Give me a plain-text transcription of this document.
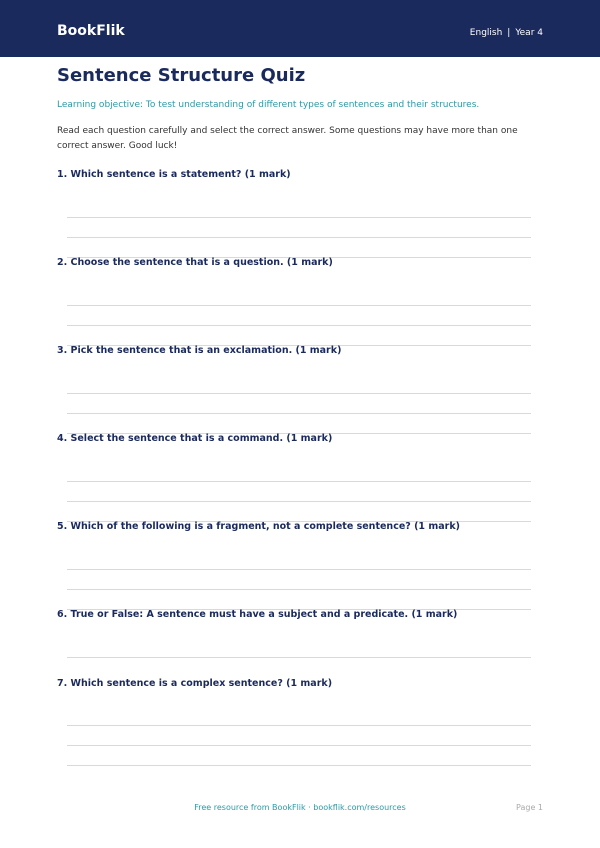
BookFlik	English | Year 4
Sentence Structure Quiz
Learning objective: To test understanding of different types of sentences and their structures.
Read each question carefully and select the correct answer. Some questions may have more than one correct answer. Good luck!
1. Which sentence is a statement? (1 mark)
2. Choose the sentence that is a question. (1 mark)
3. Pick the sentence that is an exclamation. (1 mark)
4. Select the sentence that is a command. (1 mark)
5. Which of the following is a fragment, not a complete sentence? (1 mark)
6. True or False: A sentence must have a subject and a predicate. (1 mark)
7. Which sentence is a complex sentence? (1 mark)
Free resource from BookFlik · bookflik.com/resources	Page 1
